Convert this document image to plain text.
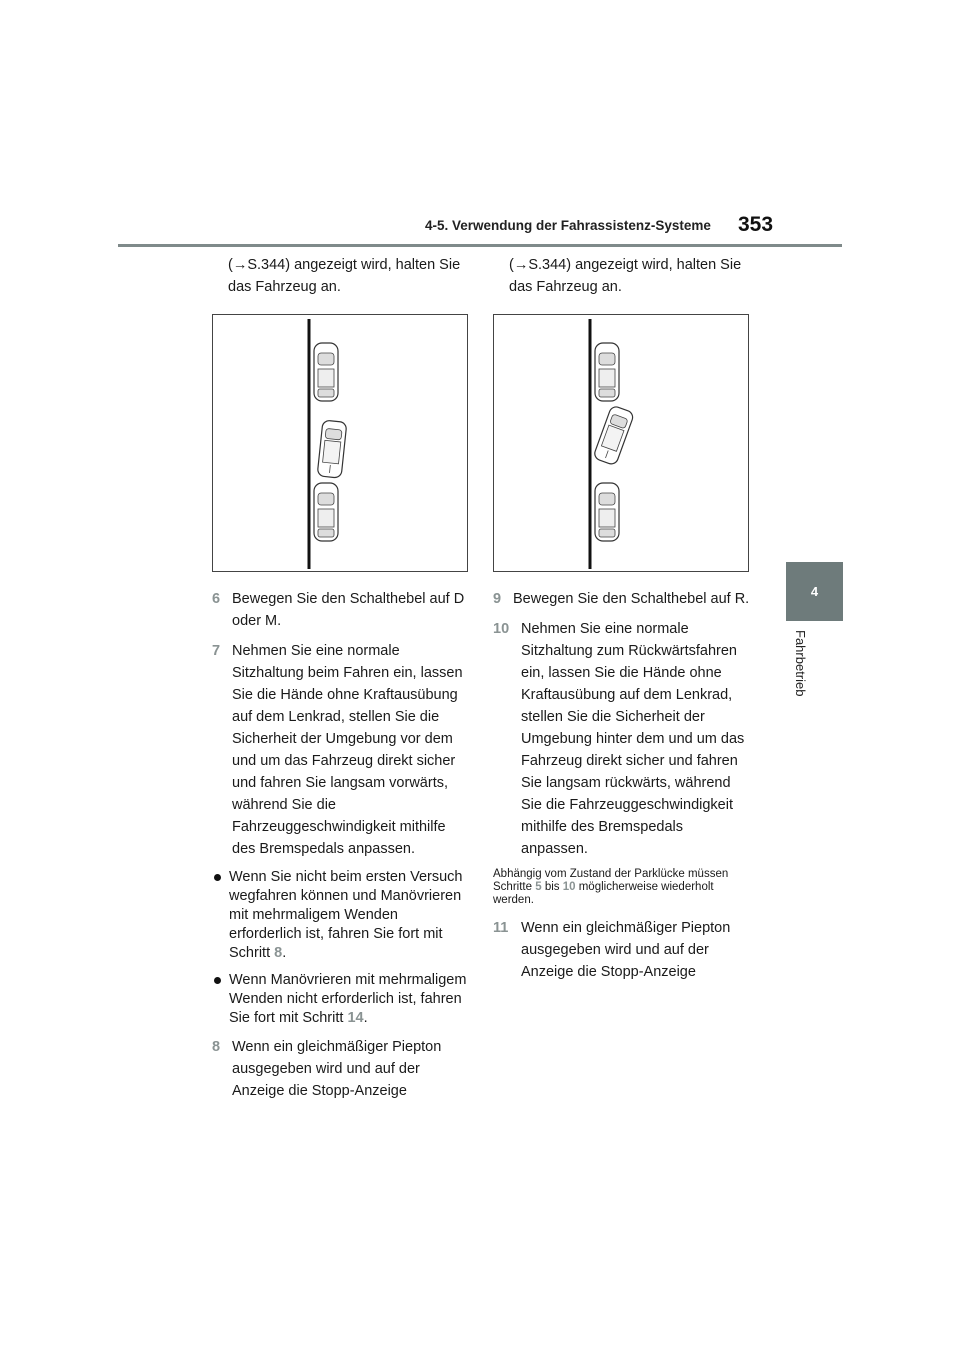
4-5. Verwendung der Fahrassistenz-Systeme 353
4
Fahrbetrieb

(→S.344) angezeigt wird, halten Sie das Fahrzeug an.

6 Bewegen Sie den Schalthebel auf D oder M.
7 Nehmen Sie eine normale Sitzhaltung beim Fahren ein, lassen Sie die Hände ohne Kraftausübung auf dem Lenkrad, stellen Sie die Sicherheit der Umgebung vor dem und um das Fahrzeug direkt sicher und fahren Sie langsam vorwärts, während Sie die Fahrzeuggeschwindigkeit mithilfe des Bremspedals anpassen.
Wenn Sie nicht beim ersten Versuch wegfahren können und Manövrieren mit mehrmaligem Wenden erforderlich ist, fahren Sie fort mit Schritt 8.
Wenn Manövrieren mit mehrmaligem Wenden nicht erforderlich ist, fahren Sie fort mit Schritt 14.
8 Wenn ein gleichmäßiger Piepton ausgegeben wird und auf der Anzeige die Stopp-Anzeige

(→S.344) angezeigt wird, halten Sie das Fahrzeug an.

9 Bewegen Sie den Schalthebel auf R.
10 Nehmen Sie eine normale Sitzhaltung zum Rückwärtsfahren ein, lassen Sie die Hände ohne Kraftausübung auf dem Lenkrad, stellen Sie die Sicherheit der Umgebung hinter dem und um das Fahrzeug direkt sicher und fahren Sie langsam rückwärts, während Sie die Fahrzeuggeschwindigkeit mithilfe des Bremspedals anpassen.

Abhängig vom Zustand der Parklücke müssen Schritte 5 bis 10 möglicherweise wiederholt werden.

11 Wenn ein gleichmäßiger Piepton ausgegeben wird und auf der Anzeige die Stopp-Anzeige
